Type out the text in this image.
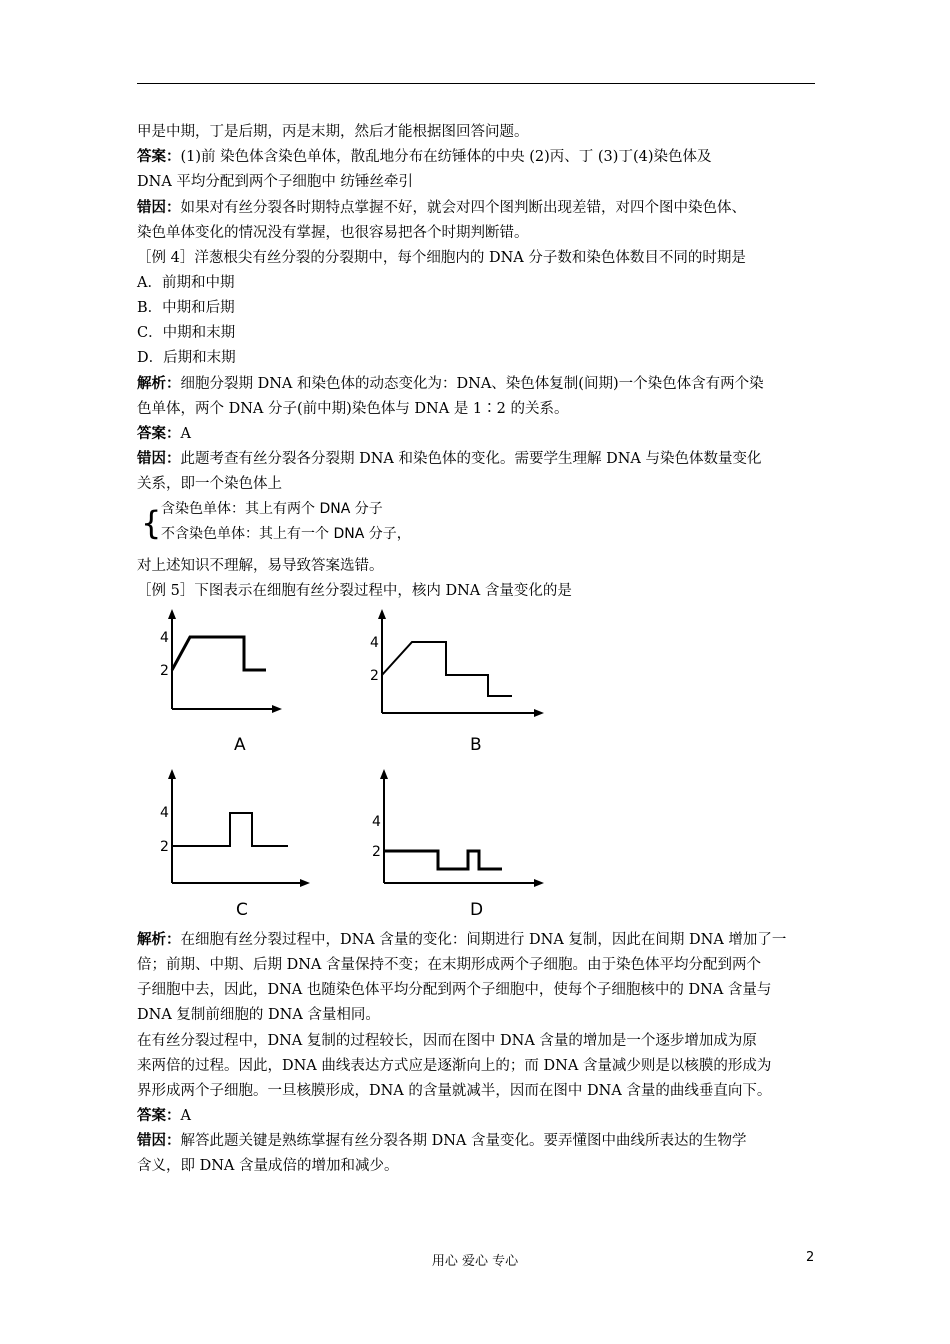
甲是中期，丁是后期，丙是末期，然后才能根据图回答问题。
答案：(1)前 染色体含染色单体，散乱地分布在纺锤体的中央 (2)丙、丁 (3)丁(4)染色体及
DNA 平均分配到两个子细胞中 纺锤丝牵引
错因：如果对有丝分裂各时期特点掌握不好，就会对四个图判断出现差错，对四个图中染色体、
染色单体变化的情况没有掌握，也很容易把各个时期判断错。
［例 4］洋葱根尖有丝分裂的分裂期中，每个细胞内的 DNA 分子数和染色体数目不同的时期是
A．前期和中期
B．中期和后期
C．中期和末期
D．后期和末期
解析：细胞分裂期 DNA 和染色体的动态变化为：DNA、染色体复制(间期)一个染色体含有两个染
色单体，两个 DNA 分子(前中期)染色体与 DNA 是 1∶2 的关系。
答案：A
错因：此题考查有丝分裂各分裂期 DNA 和染色体的变化。需要学生理解 DNA 与染色体数量变化
关系，即一个染色体上
{ 含染色单体：其上有两个 DNA 分子
不含染色单体：其上有一个 DNA 分子，
对上述知识不理解，易导致答案选错。
［例 5］下图表示在细胞有丝分裂过程中，核内 DNA 含量变化的是
4
2
A
4
2
B
4
2
C
4
2
D
解析：在细胞有丝分裂过程中，DNA 含量的变化：间期进行 DNA 复制，因此在间期 DNA 增加了一
倍；前期、中期、后期 DNA 含量保持不变；在末期形成两个子细胞。由于染色体平均分配到两个
子细胞中去，因此，DNA 也随染色体平均分配到两个子细胞中，使每个子细胞核中的 DNA 含量与
DNA 复制前细胞的 DNA 含量相同。
在有丝分裂过程中，DNA 复制的过程较长，因而在图中 DNA 含量的增加是一个逐步增加成为原
来两倍的过程。因此，DNA 曲线表达方式应是逐渐向上的；而 DNA 含量减少则是以核膜的形成为
界形成两个子细胞。一旦核膜形成，DNA 的含量就减半，因而在图中 DNA 含量的曲线垂直向下。
答案：A
错因：解答此题关键是熟练掌握有丝分裂各期 DNA 含量变化。要弄懂图中曲线所表达的生物学
含义，即 DNA 含量成倍的增加和减少。
用心 爱心 专心	2
